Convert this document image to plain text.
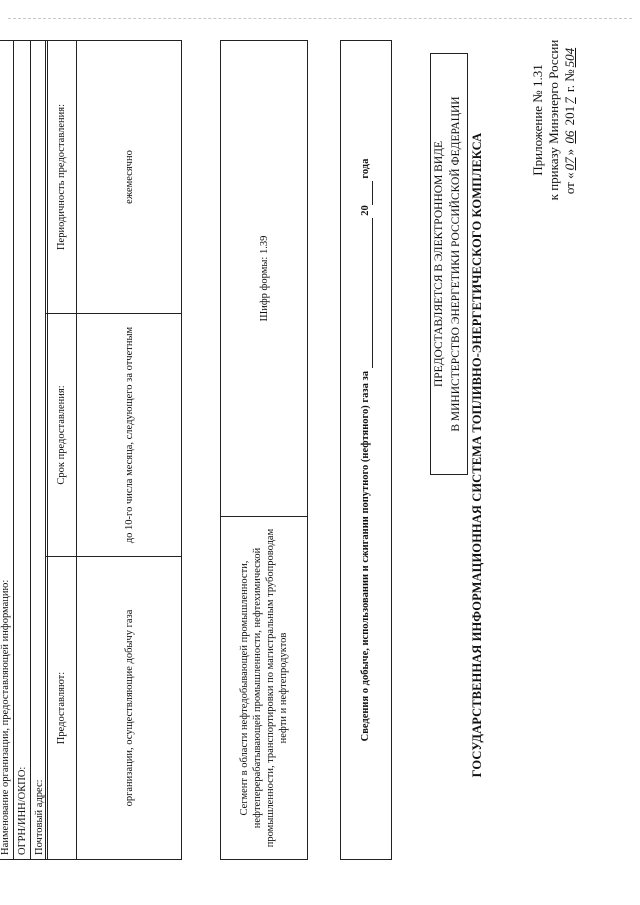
Приложение № 1.31 к приказу Минэнерго России от «07» 06 2017 г. №504
ГОСУДАРСТВЕННАЯ ИНФОРМАЦИОННАЯ СИСТЕМА ТОПЛИВНО-ЭНЕРГЕТИЧЕСКОГО КОМПЛЕКСА
ПРЕДОСТАВЛЯЕТСЯ В ЭЛЕКТРОННОМ ВИДЕ В МИНИСТЕРСТВО ЭНЕРГЕТИКИ РОССИЙСКОЙ ФЕДЕРАЦИИ
Сведения о добыче, использовании и сжигании попутного (нефтяного) газа за   20  года
Сегмент в области нефтедобывающей промышленности, нефтеперерабатывающей промышленности, нефтехимической промышленности, транспортировки по магистральным трубопроводам нефти и нефтепродуктов	Шифр формы: 1.39
Предоставляют:	Срок предоставления:	Периодичность предоставления:
организации, осуществляющие добычу газа	до 10-го числа месяца, следующего за отчетным	ежемесячно
Наименование организации, предоставляющей информацию:
ОГРН/ИНН/ОКПО:
Почтовый адрес:
